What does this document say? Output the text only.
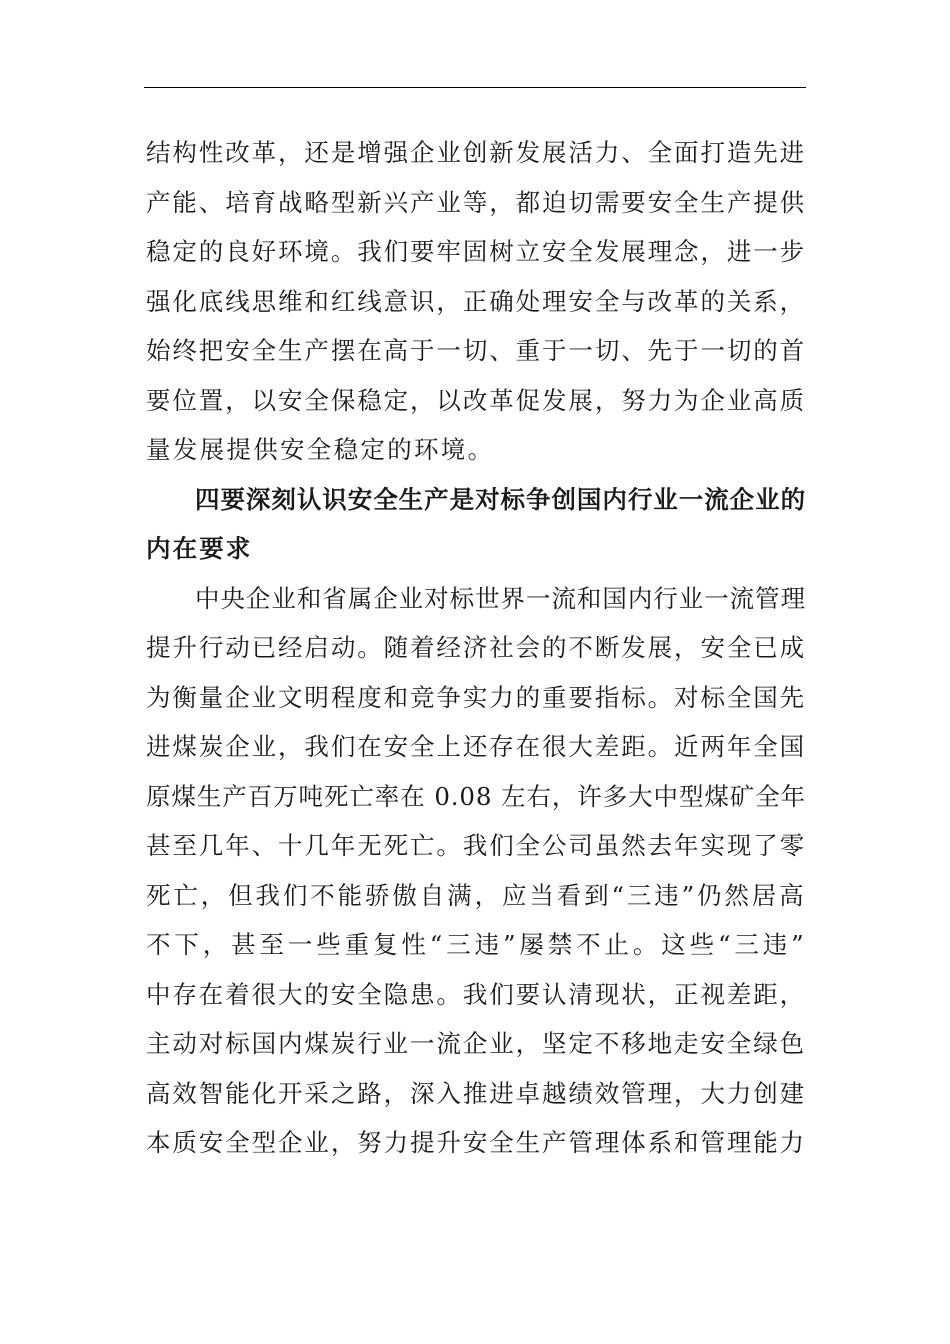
结构性改革，还是增强企业创新发展活力、全面打造先进
产能、培育战略型新兴产业等，都迫切需要安全生产提供
稳定的良好环境。我们要牢固树立安全发展理念，进一步
强化底线思维和红线意识，正确处理安全与改革的关系，
始终把安全生产摆在高于一切、重于一切、先于一切的首
要位置，以安全保稳定，以改革促发展，努力为企业高质
量发展提供安全稳定的环境。

四要深刻认识安全生产是对标争创国内行业一流企业的
内在要求

中央企业和省属企业对标世界一流和国内行业一流管理
提升行动已经启动。随着经济社会的不断发展，安全已成
为衡量企业文明程度和竞争实力的重要指标。对标全国先
进煤炭企业，我们在安全上还存在很大差距。近两年全国
原煤生产百万吨死亡率在 0.08 左右，许多大中型煤矿全年
甚至几年、十几年无死亡。我们全公司虽然去年实现了零
死亡，但我们不能骄傲自满，应当看到“三违”仍然居高
不下，甚至一些重复性“三违”屡禁不止。这些“三违”
中存在着很大的安全隐患。我们要认清现状，正视差距，
主动对标国内煤炭行业一流企业，坚定不移地走安全绿色
高效智能化开采之路，深入推进卓越绩效管理，大力创建
本质安全型企业，努力提升安全生产管理体系和管理能力
